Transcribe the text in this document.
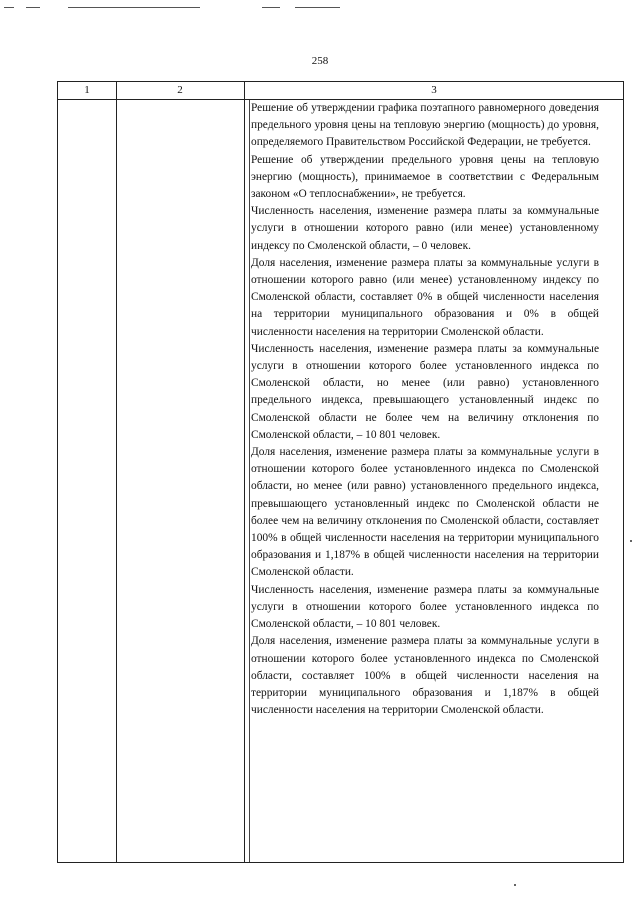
258
1	2	3

Решение об утверждении графика поэтапного равномерного доведения предельного уровня цены на тепловую энергию (мощность) до уровня, определяемого Правительством Российской Федерации, не требуется.

Решение об утверждении предельного уровня цены на тепловую энергию (мощность), принимаемое в соответствии с Федеральным законом «О теплоснабжении», не требуется.

Численность населения, изменение размера платы за коммунальные услуги в отношении которого равно (или менее) установленному индексу по Смоленской области, – 0 человек.

Доля населения, изменение размера платы за коммунальные услуги в отношении которого равно (или менее) установленному индексу по Смоленской области, составляет 0% в общей численности населения на территории муниципального образования и 0% в общей численности населения на территории Смоленской области.

Численность населения, изменение размера платы за коммунальные услуги в отношении которого более установленного индекса по Смоленской области, но менее (или равно) установленного предельного индекса, превышающего установленный индекс по Смоленской области не более чем на величину отклонения по Смоленской области, – 10 801 человек.

Доля населения, изменение размера платы за коммунальные услуги в отношении которого более установленного индекса по Смоленской области, но менее (или равно) установленного предельного индекса, превышающего установленный индекс по Смоленской области не более чем на величину отклонения по Смоленской области, составляет 100% в общей численности населения на территории муниципального образования и 1,187% в общей численности населения на территории Смоленской области.

Численность населения, изменение размера платы за коммунальные услуги в отношении которого более установленного индекса по Смоленской области, – 10 801 человек.

Доля населения, изменение размера платы за коммунальные услуги в отношении которого более установленного индекса по Смоленской области, составляет 100% в общей численности населения на территории муниципального образования и 1,187% в общей численности населения на территории Смоленской области.
